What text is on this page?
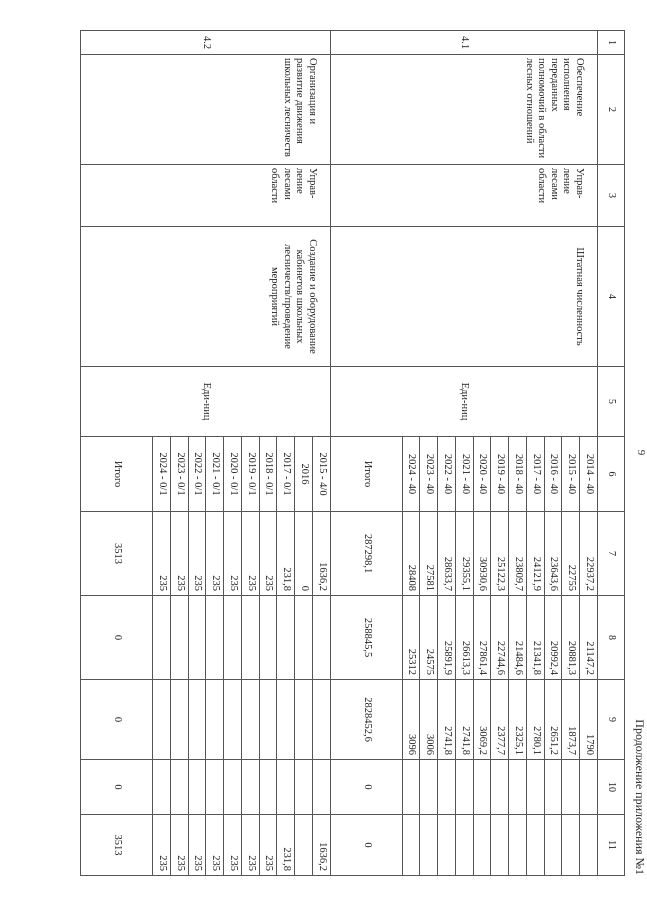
9
Продолжение приложения №1
1	2	3	4	5	6	7	8	9	10	11
4.1	Обеспечение исполнения переданных полномочий в области лесных отношений	Управ-ление лесами области	Штатная численность	Еди-ниц	2014 - 40	22937,2	21147,2	1790		
					2015 - 40	22755	20881,3	1873,7		
					2016 - 40	23643,6	20992,4	2651,2		
					2017 - 40	24121,9	21341,8	2780,1		
					2018 - 40	23809,7	21484,6	2325,1		
					2019 - 40	25122,3	22744,6	2377,7		
					2020 - 40	30930,6	27861,4	3069,2		
					2021 - 40	29355,1	26613,3	2741,8		
					2022 - 40	28633,7	25891,9	2741,8		
					2023 - 40	27581	24575	3006		
					2024 - 40	28408	25312	3096		
					Итого	287298,1	258845,5	2828452,6	0	0
4.2	Организация и развитие движения школьных лесничеств	Управ-ление лесами области	Создание и оборудование кабинетов школьных лесничеств/проведение мероприятий	Еди-ниц	2015 - 4/0	1636,2				1636,2
					2016	0				
					2017 - 0/1	231,8				231,8
					2018 - 0/1	235				235
					2019 - 0/1	235				235
					2020 - 0/1	235				235
					2021 - 0/1	235				235
					2022 - 0/1	235				235
					2023 - 0/1	235				235
					2024 - 0/1	235				235
					Итого	3513	0	0	0	3513
